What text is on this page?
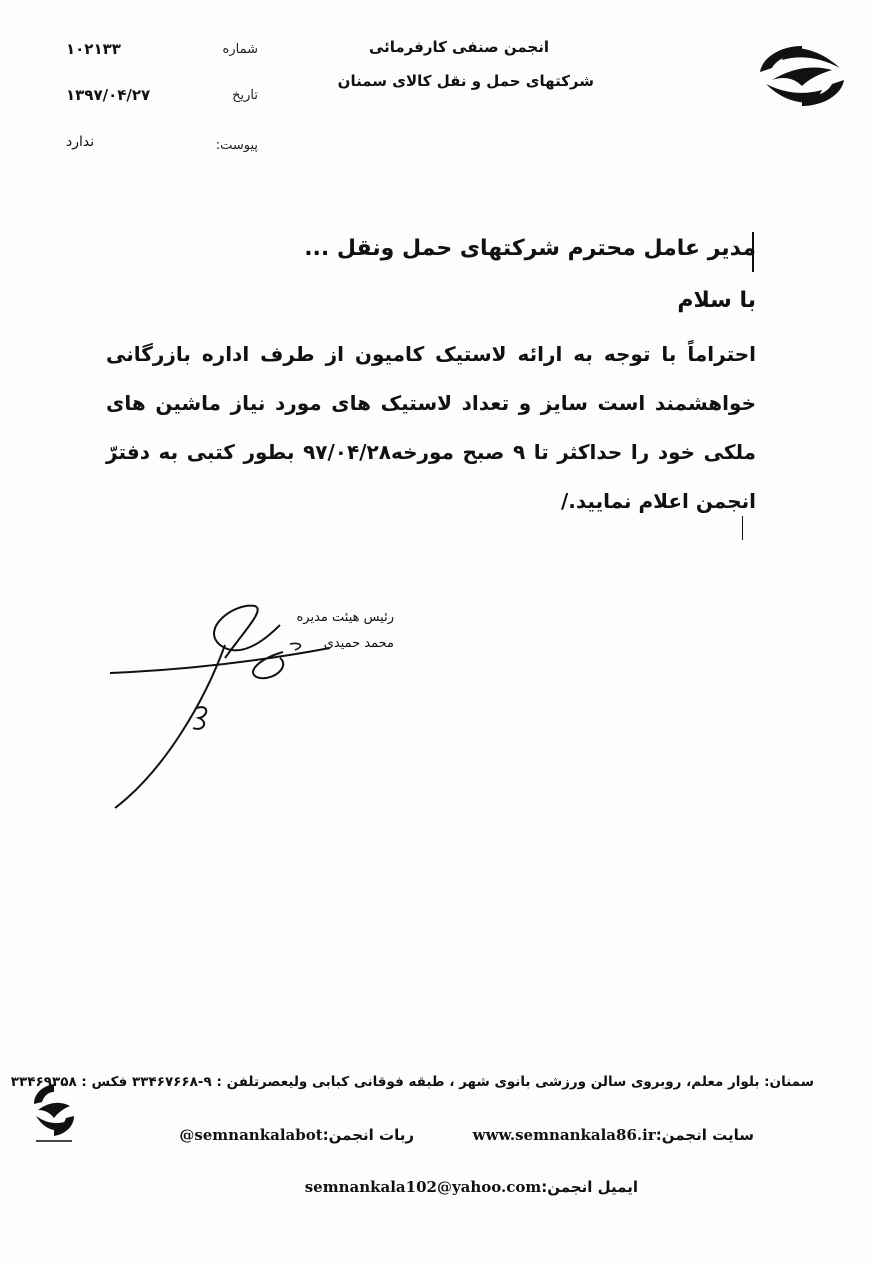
انجمن صنفی کارفرمائی
شرکتهای حمل و نقل کالای سمنان
شماره
۱۰۲۱۳۳
تاریخ
۱۳۹۷/۰۴/۲۷
پیوست:
ندارد
مدیر عامل محترم شرکتهای حمل ونقل ...
با سلام
احتراماً با توجه به ارائه لاستیک کامیون از طرف اداره بازرگانی خواهشمند است سایز و تعداد لاستیک های مورد نیاز ماشین های ملکی خود را حداکثر تا ۹ صبح مورخه۹۷/۰۴/۲۸ بطور کتبی به دفترّ انجمن اعلام نمایید./
رئیس هیئت مدیره
محمد حمیدی
سمنان: بلوار معلم، روبروی سالن ورزشی بانوی شهر ، طبقه فوقانی کبابی ولیعصرتلفن : ۹-۳۳۴۶۷۶۶۸ فکس : ۳۳۴۶۹۳۵۸
سایت انجمن:www.semnankala86.ir
ربات انجمن:@semnankalabot
ایمیل انجمن:semnankala102@yahoo.com
